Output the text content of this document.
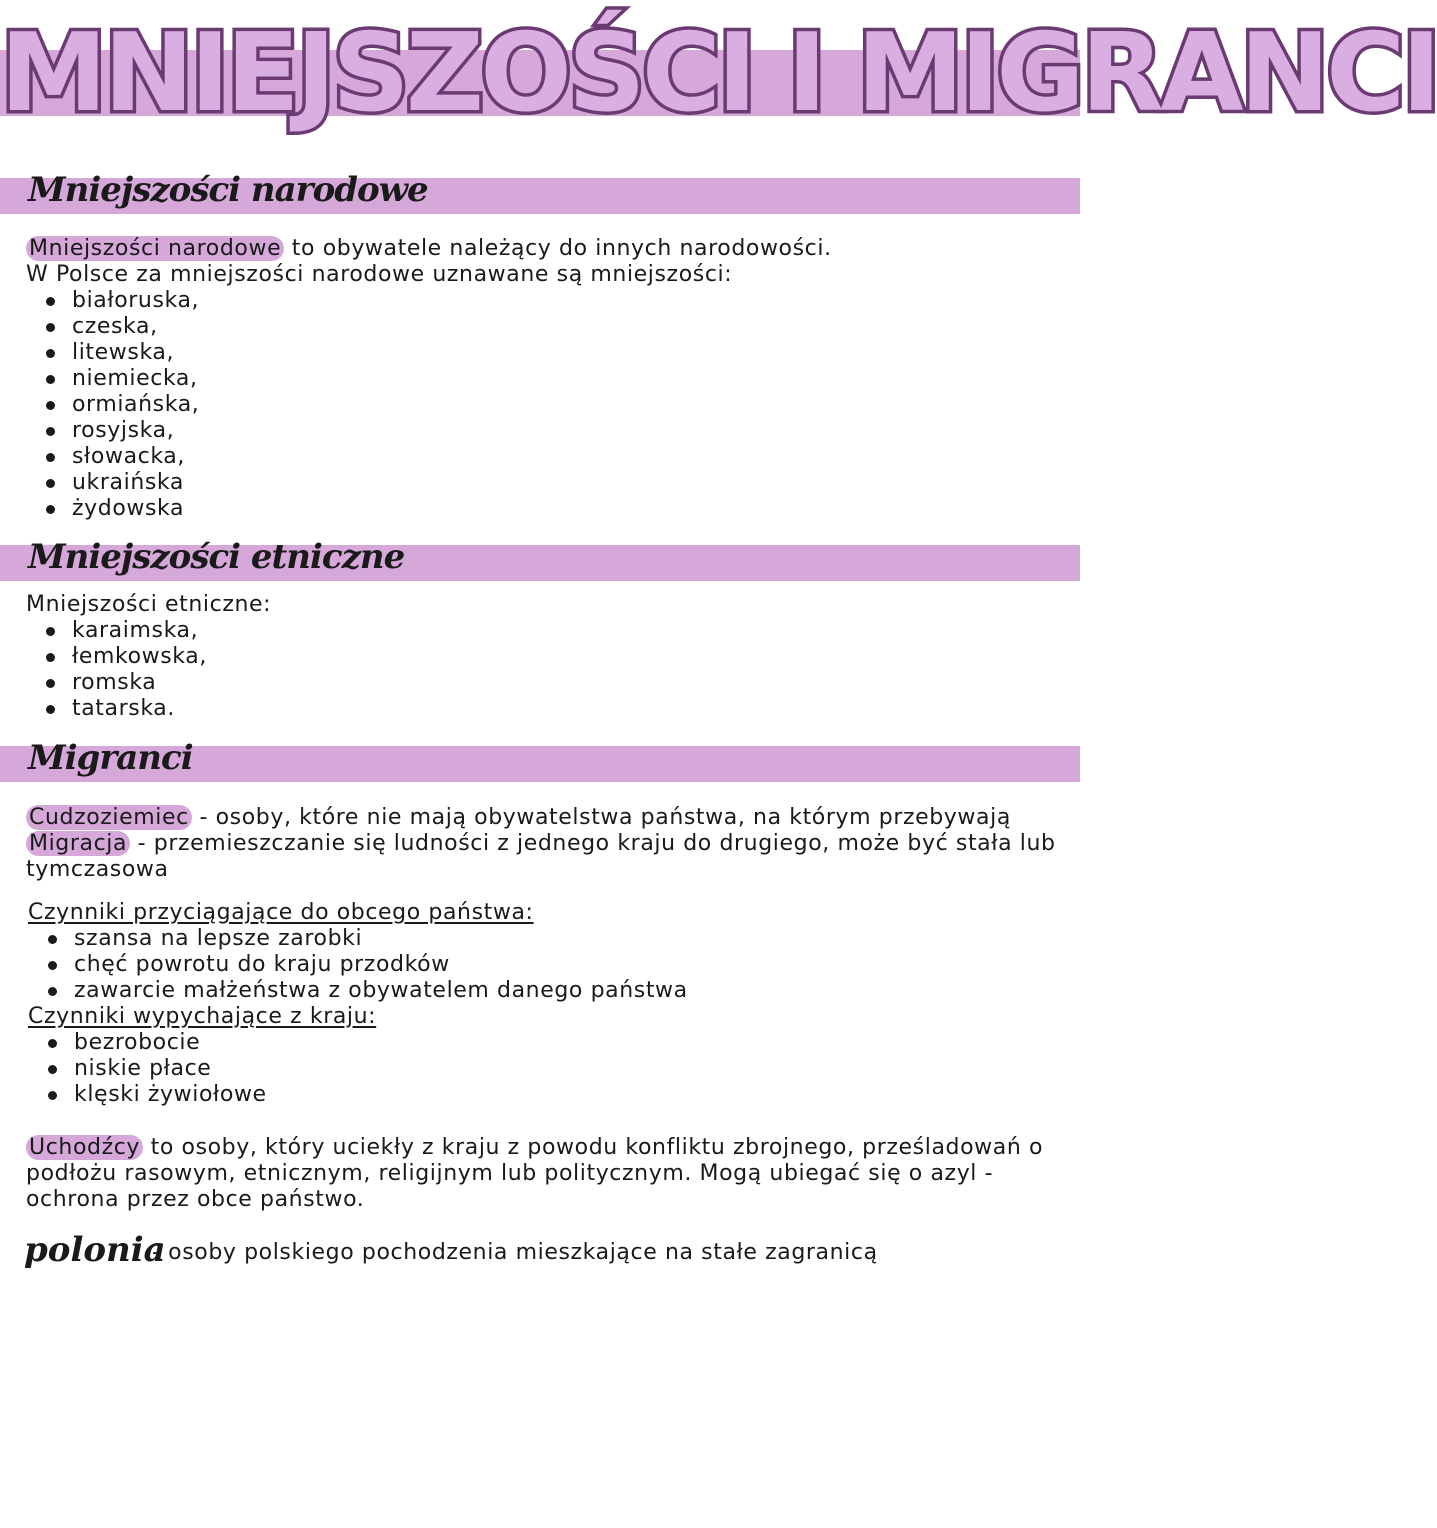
MNIEJSZOŚCI I MIGRANCI
Mniejszości narodowe
Mniejszości narodowe to obywatele należący do innych narodowości.
W Polsce za mniejszości narodowe uznawane są mniejszości:
białoruska,
czeska,
litewska,
niemiecka,
ormiańska,
rosyjska,
słowacka,
ukraińska
żydowska
Mniejszości etniczne
Mniejszości etniczne:
karaimska,
łemkowska,
romska
tatarska.
Migranci
Cudzoziemiec - osoby, które nie mają obywatelstwa państwa, na którym przebywają
Migracja - przemieszczanie się ludności z jednego kraju do drugiego, może być stała lub
tymczasowa
Czynniki przyciągające do obcego państwa:
szansa na lepsze zarobki
chęć powrotu do kraju przodków
zawarcie małżeństwa z obywatelem danego państwa
Czynniki wypychające z kraju:
bezrobocie
niskie płace
klęski żywiołowe
Uchodźcy to osoby, który uciekły z kraju z powodu konfliktu zbrojnego, prześladowań o
podłożu rasowym, etnicznym, religijnym lub politycznym. Mogą ubiegać się o azyl -
ochrona przez obce państwo.
polonia
- osoby polskiego pochodzenia mieszkające na stałe zagranicą
